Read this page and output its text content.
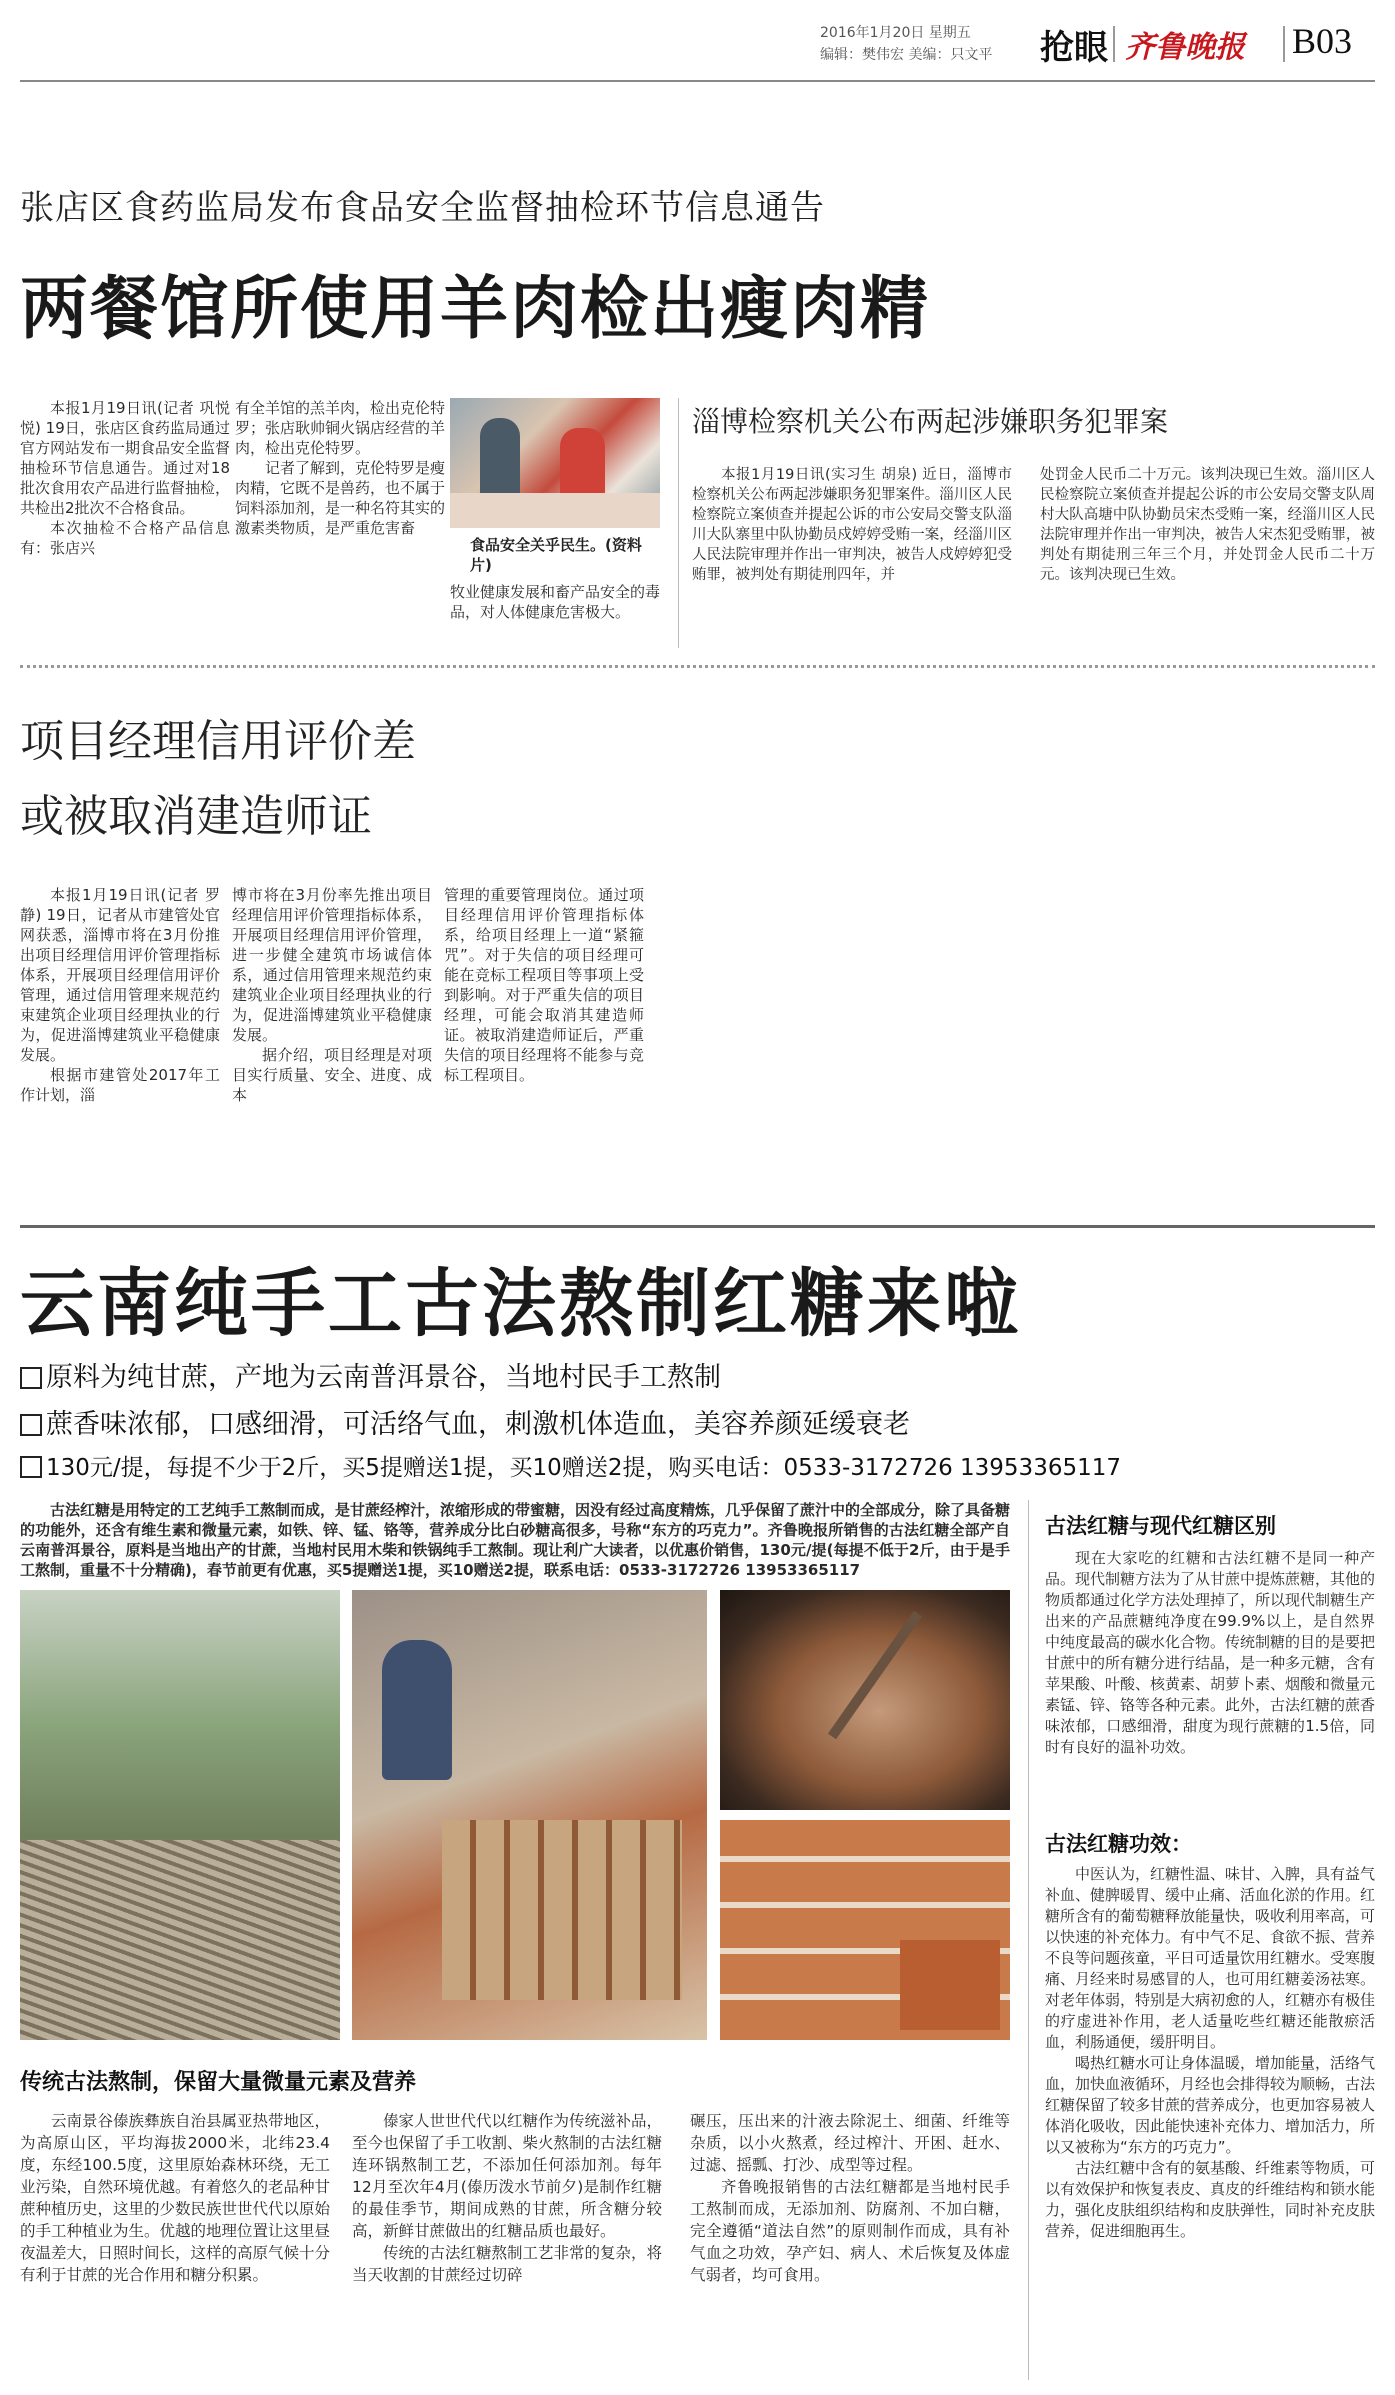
2016年1月20日 星期五
编辑：樊伟宏 美编：只文平 抢眼 齐鲁晚报 B03
张店区食药监局发布食品安全监督抽检环节信息通告
两餐馆所使用羊肉检出瘦肉精

本报1月19日讯(记者 巩悦悦) 19日，张店区食药监局通过官方网站发布一期食品安全监督抽检环节信息通告。通过对18批次食用农产品进行监督抽检，共检出2批次不合格食品。

本次抽检不合格产品信息有：张店兴

有全羊馆的羔羊肉，检出克伦特罗；张店耿帅铜火锅店经营的羊肉，检出克伦特罗。

记者了解到，克伦特罗是瘦肉精，它既不是兽药，也不属于饲料添加剂，是一种名符其实的激素类物质，是严重危害畜

食品安全关乎民生。(资料片)

牧业健康发展和畜产品安全的毒品，对人体健康危害极大。

淄博检察机关公布两起涉嫌职务犯罪案

本报1月19日讯(实习生 胡泉) 近日，淄博市检察机关公布两起涉嫌职务犯罪案件。淄川区人民检察院立案侦查并提起公诉的市公安局交警支队淄川大队寨里中队协勤员戍婷婷受贿一案，经淄川区人民法院审理并作出一审判决，被告人戍婷婷犯受贿罪，被判处有期徒刑四年，并

处罚金人民币二十万元。该判决现已生效。淄川区人民检察院立案侦查并提起公诉的市公安局交警支队周村大队高塘中队协勤员宋杰受贿一案，经淄川区人民法院审理并作出一审判决，被告人宋杰犯受贿罪，被判处有期徒刑三年三个月，并处罚金人民币二十万元。该判决现已生效。

项目经理信用评价差
或被取消建造师证

本报1月19日讯(记者 罗静) 19日，记者从市建管处官网获悉，淄博市将在3月份推出项目经理信用评价管理指标体系，开展项目经理信用评价管理，通过信用管理来规范约束建筑企业项目经理执业的行为，促进淄博建筑业平稳健康发展。

根据市建管处2017年工作计划，淄

博市将在3月份率先推出项目经理信用评价管理指标体系，开展项目经理信用评价管理，进一步健全建筑市场诚信体系，通过信用管理来规范约束建筑业企业项目经理执业的行为，促进淄博建筑业平稳健康发展。

据介绍，项目经理是对项目实行质量、安全、进度、成本

管理的重要管理岗位。通过项目经理信用评价管理指标体系，给项目经理上一道“紧箍咒”。对于失信的项目经理可能在竞标工程项目等事项上受到影响。对于严重失信的项目经理，可能会取消其建造师证。被取消建造师证后，严重失信的项目经理将不能参与竞标工程项目。

云南纯手工古法熬制红糖来啦
原料为纯甘蔗，产地为云南普洱景谷，当地村民手工熬制
蔗香味浓郁，口感细滑，可活络气血，刺激机体造血，美容养颜延缓衰老
130元/提，每提不少于2斤，买5提赠送1提，买10赠送2提，购买电话：0533-3172726 13953365117

古法红糖是用特定的工艺纯手工熬制而成，是甘蔗经榨汁，浓缩形成的带蜜糖，因没有经过高度精炼，几乎保留了蔗汁中的全部成分，除了具备糖的功能外，还含有维生素和微量元素，如铁、锌、锰、铬等，营养成分比白砂糖高很多，号称“东方的巧克力”。齐鲁晚报所销售的古法红糖全部产自云南普洱景谷，原料是当地出产的甘蔗，当地村民用木柴和铁锅纯手工熬制。现让利广大读者，以优惠价销售，130元/提(每提不低于2斤，由于是手工熬制，重量不十分精确)，春节前更有优惠，买5提赠送1提，买10赠送2提，联系电话：0533-3172726 13953365117

传统古法熬制，保留大量微量元素及营养

云南景谷傣族彝族自治县属亚热带地区，为高原山区，平均海拔2000米，北纬23.4度，东经100.5度，这里原始森林环绕，无工业污染，自然环境优越。有着悠久的老品种甘蔗种植历史，这里的少数民族世世代代以原始的手工种植业为生。优越的地理位置让这里昼夜温差大，日照时间长，这样的高原气候十分有利于甘蔗的光合作用和糖分积累。

傣家人世世代代以红糖作为传统滋补品，至今也保留了手工收割、柴火熬制的古法红糖连环锅熬制工艺，不添加任何添加剂。每年12月至次年4月(傣历泼水节前夕)是制作红糖的最佳季节，期间成熟的甘蔗，所含糖分较高，新鲜甘蔗做出的红糖品质也最好。

传统的古法红糖熬制工艺非常的复杂，将当天收割的甘蔗经过切碎

碾压，压出来的汁液去除泥土、细菌、纤维等杂质，以小火熬煮，经过榨汁、开困、赶水、过滤、摇瓢、打沙、成型等过程。

齐鲁晚报销售的古法红糖都是当地村民手工熬制而成，无添加剂、防腐剂、不加白糖，完全遵循“道法自然”的原则制作而成，具有补气血之功效，孕产妇、病人、术后恢复及体虚气弱者，均可食用。

古法红糖与现代红糖区别

现在大家吃的红糖和古法红糖不是同一种产品。现代制糖方法为了从甘蔗中提炼蔗糖，其他的物质都通过化学方法处理掉了，所以现代制糖生产出来的产品蔗糖纯净度在99.9%以上，是自然界中纯度最高的碳水化合物。传统制糖的目的是要把甘蔗中的所有糖分进行结晶，是一种多元糖，含有苹果酸、叶酸、核黄素、胡萝卜素、烟酸和微量元素锰、锌、铬等各种元素。此外，古法红糖的蔗香味浓郁，口感细滑，甜度为现行蔗糖的1.5倍，同时有良好的温补功效。

古法红糖功效：

中医认为，红糖性温、味甘、入脾，具有益气补血、健脾暖胃、缓中止痛、活血化淤的作用。红糖所含有的葡萄糖释放能量快，吸收利用率高，可以快速的补充体力。有中气不足、食欲不振、营养不良等问题孩童，平日可适量饮用红糖水。受寒腹痛、月经来时易感冒的人，也可用红糖姜汤祛寒。对老年体弱，特别是大病初愈的人，红糖亦有极佳的疗虚进补作用，老人适量吃些红糖还能散瘀活血，利肠通便，缓肝明目。

喝热红糖水可让身体温暖，增加能量，活络气血，加快血液循环，月经也会排得较为顺畅，古法红糖保留了较多甘蔗的营养成分，也更加容易被人体消化吸收，因此能快速补充体力、增加活力，所以又被称为“东方的巧克力”。

古法红糖中含有的氨基酸、纤维素等物质，可以有效保护和恢复表皮、真皮的纤维结构和锁水能力，强化皮肤组织结构和皮肤弹性，同时补充皮肤营养，促进细胞再生。
